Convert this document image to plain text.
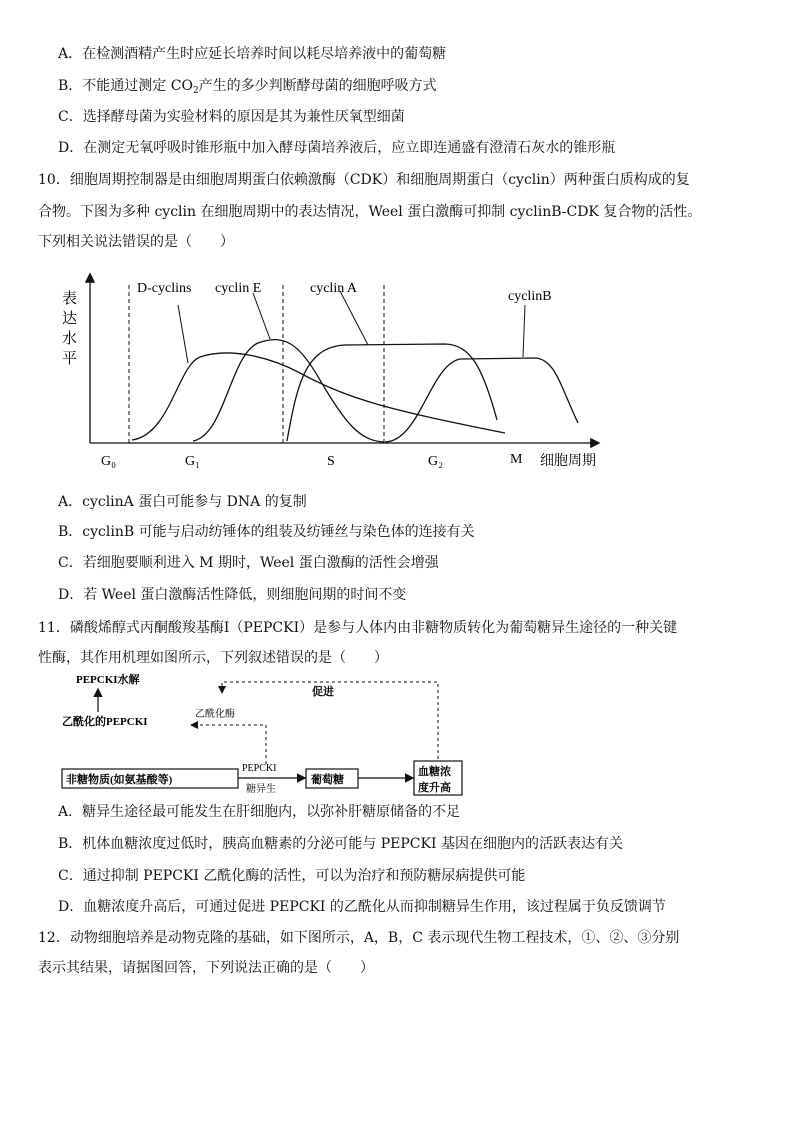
A．在检测酒精产生时应延长培养时间以耗尽培养液中的葡萄糖
B．不能通过测定 $CO_2$产生的多少判断酵母菌的细胞呼吸方式
C．选择酵母菌为实验材料的原因是其为兼性厌氧型细菌
D．在测定无氧呼吸时锥形瓶中加入酵母菌培养液后，应立即连通盛有澄清石灰水的锥形瓶
10．细胞周期控制器是由细胞周期蛋白依赖激酶（CDK）和细胞周期蛋白（cyclin）两种蛋白质构成的复
合物。下图为多种 cyclin 在细胞周期中的表达情况，Weel 蛋白激酶可抑制 cyclinB-CDK 复合物的活性。
下列相关说法错误的是（　　）
表
达
水
平
D-cyclins cyclin E	cyclin A
cyclinB
G₀	G₁	S	G₂	M 细胞周期
A．cyclinA 蛋白可能参与 DNA 的复制
B．cyclinB 可能与启动纺锤体的组装及纺锤丝与染色体的连接有关
C．若细胞要顺利进入 M 期时，Weel 蛋白激酶的活性会增强
D．若 Weel 蛋白激酶活性降低，则细胞间期的时间不变
11．磷酸烯醇式丙酮酸羧基酶Ⅰ（PEPCKI）是参与人体内由非糖物质转化为葡萄糖异生途径的一种关键
性酶，其作用机理如图所示，下列叙述错误的是（　　）
PEPCKI水解
乙酰化的PEPCKI
促进
非糖物质(如氨基酸等)	葡萄糖
血糖浓
度升高
乙酰化酶
PEPCKI
糖异生
A．糖异生途径最可能发生在肝细胞内，以弥补肝糖原储备的不足
B．机体血糖浓度过低时，胰高血糖素的分泌可能与 PEPCKI 基因在细胞内的活跃表达有关
C．通过抑制 PEPCKI 乙酰化酶的活性，可以为治疗和预防糖尿病提供可能
D．血糖浓度升高后，可通过促进 PEPCKI 的乙酰化从而抑制糖异生作用，该过程属于负反馈调节
12．动物细胞培养是动物克隆的基础，如下图所示，A，B，C 表示现代生物工程技术，①、②、③分别
表示其结果，请据图回答，下列说法正确的是（　　）
